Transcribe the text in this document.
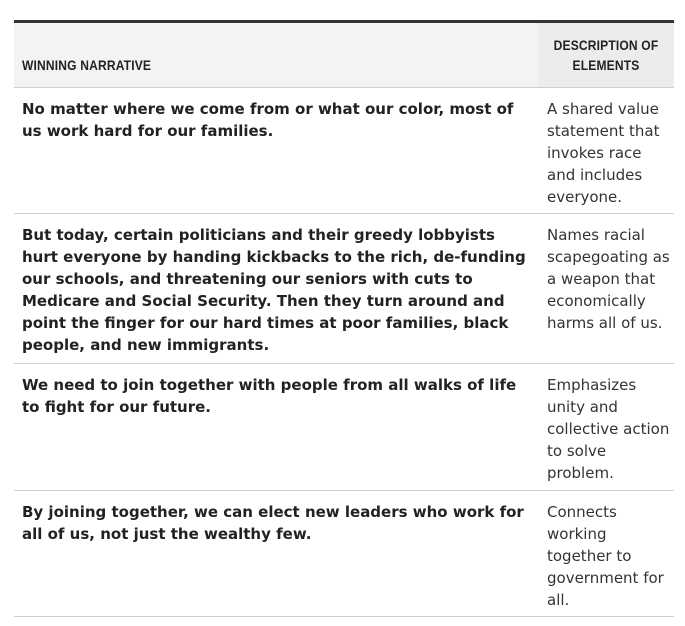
WINNING NARRATIVE
DESCRIPTION OF ELEMENTS
No matter where we come from or what our color, most of us work hard for our families.
A shared value statement that invokes race and includes everyone.
But today, certain politicians and their greedy lobbyists hurt everyone by handing kickbacks to the rich, de-funding our schools, and threatening our seniors with cuts to Medicare and Social Security. Then they turn around and point the finger for our hard times at poor families, black people, and new immigrants.
Names racial scapegoating as a weapon that economically harms all of us.
We need to join together with people from all walks of life to fight for our future.
Emphasizes unity and collective action to solve problem.
By joining together, we can elect new leaders who work for all of us, not just the wealthy few.
Connects working together to government for all.
